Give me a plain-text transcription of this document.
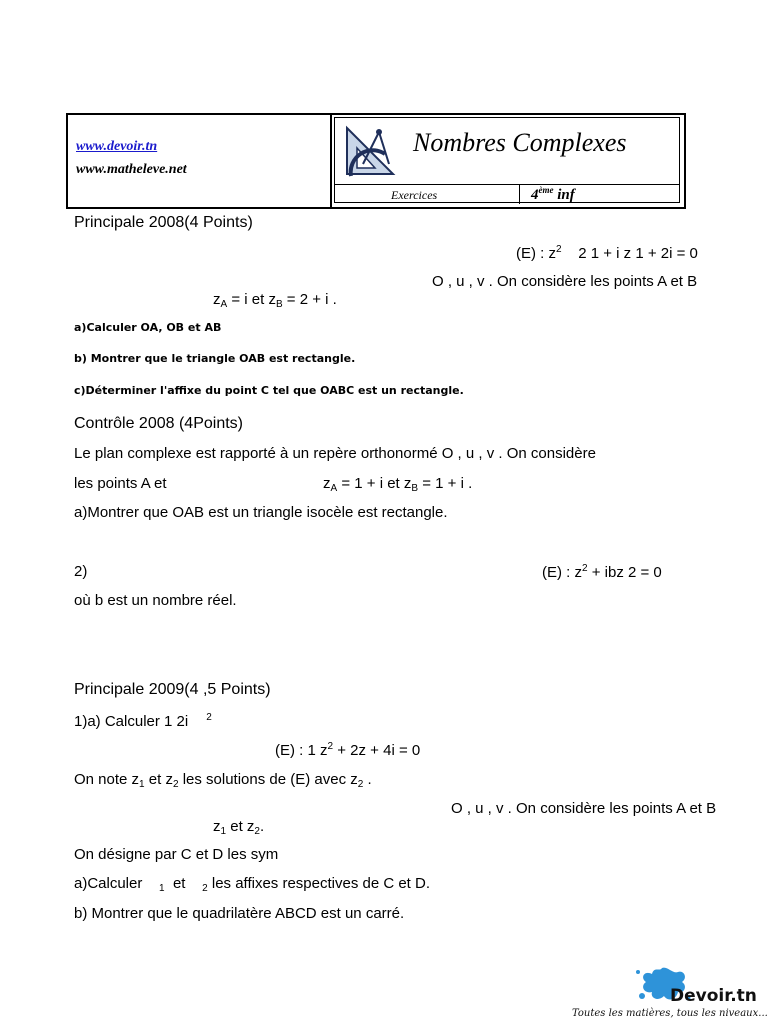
www.devoir.tn
www.matheleve.net
Nombres Complexes
Exercices	4ème inf
Principale 2008(4 Points)
(E) : $z^2$ 2 1 + i z 1 + 2i = 0
O , u , v . On considère les points A et B
$z_A = i$ et $z_B = 2 + i$ .
a)Calculer OA, OB et AB
b) Montrer que le triangle OAB est rectangle.
c)Déterminer l'affixe du point C tel que OABC est un rectangle.
Contrôle 2008 (4Points)
Le plan complexe est rapporté à un repère orthonormé O , u , v . On considère
les points A et	$z_A = 1 + i$ et $z_B = 1 + i$ .
a)Montrer que OAB est un triangle isocèle est rectangle.
2)	(E) : $z^2$ + ibz 2 = 0
où b est un nombre réel.
Principale 2009(4 ,5 Points)
1)a) Calculer 1 2i $^2$
(E) : 1 $z^2 + 2z + 4i = 0$
On note $z_1$ et $z_2$ les solutions de (E) avec $z_2$ .
O , u , v . On considère les points A et B
$z_1$ et $z_2$.
On désigne par C et D les sym
a)Calculer $_1$ et $_2$ les affixes respectives de C et D.
b) Montrer que le quadrilatère ABCD est un carré.
Devoir.tn
Toutes les matières, tous les niveaux...
